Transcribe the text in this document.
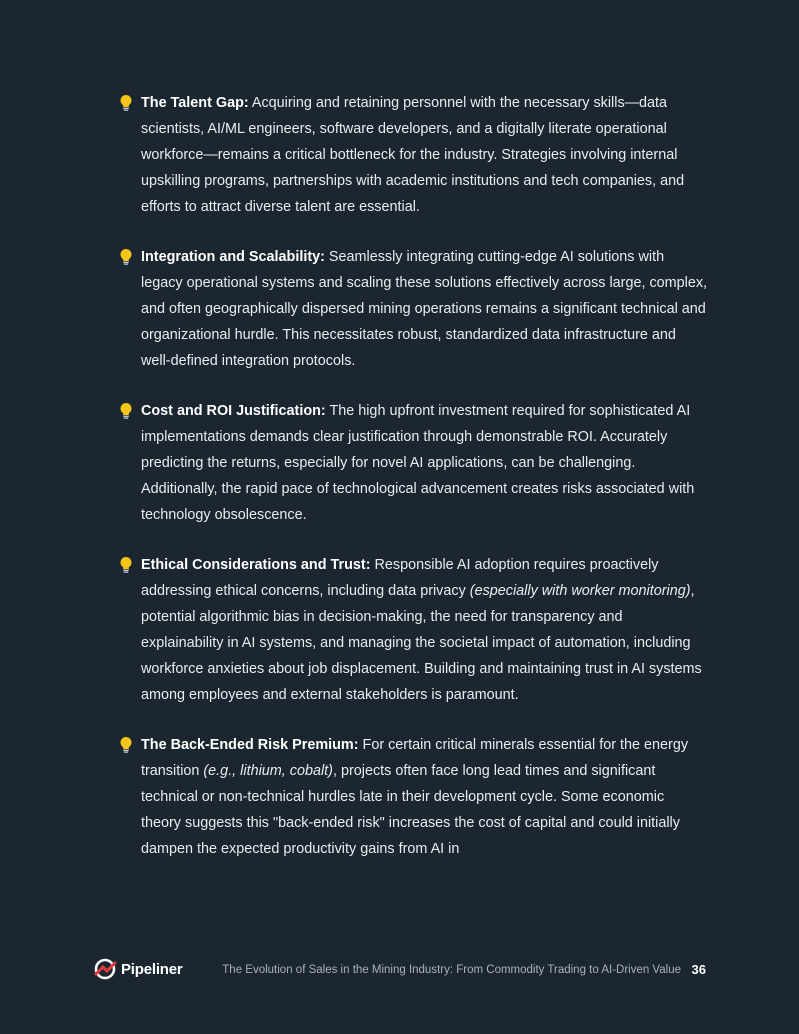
The Talent Gap: Acquiring and retaining personnel with the necessary skills—data scientists, AI/ML engineers, software developers, and a digitally literate operational workforce—remains a critical bottleneck for the industry. Strategies involving internal upskilling programs, partnerships with academic institutions and tech companies, and efforts to attract diverse talent are essential.
Integration and Scalability: Seamlessly integrating cutting-edge AI solutions with legacy operational systems and scaling these solutions effectively across large, complex, and often geographically dispersed mining operations remains a significant technical and organizational hurdle. This necessitates robust, standardized data infrastructure and well-defined integration protocols.
Cost and ROI Justification: The high upfront investment required for sophisticated AI implementations demands clear justification through demonstrable ROI. Accurately predicting the returns, especially for novel AI applications, can be challenging. Additionally, the rapid pace of technological advancement creates risks associated with technology obsolescence.
Ethical Considerations and Trust: Responsible AI adoption requires proactively addressing ethical concerns, including data privacy (especially with worker monitoring), potential algorithmic bias in decision-making, the need for transparency and explainability in AI systems, and managing the societal impact of automation, including workforce anxieties about job displacement. Building and maintaining trust in AI systems among employees and external stakeholders is paramount.
The Back-Ended Risk Premium: For certain critical minerals essential for the energy transition (e.g., lithium, cobalt), projects often face long lead times and significant technical or non-technical hurdles late in their development cycle. Some economic theory suggests this "back-ended risk" increases the cost of capital and could initially dampen the expected productivity gains from AI in
Pipeliner	The Evolution of Sales in the Mining Industry: From Commodity Trading to AI-Driven Value 36
